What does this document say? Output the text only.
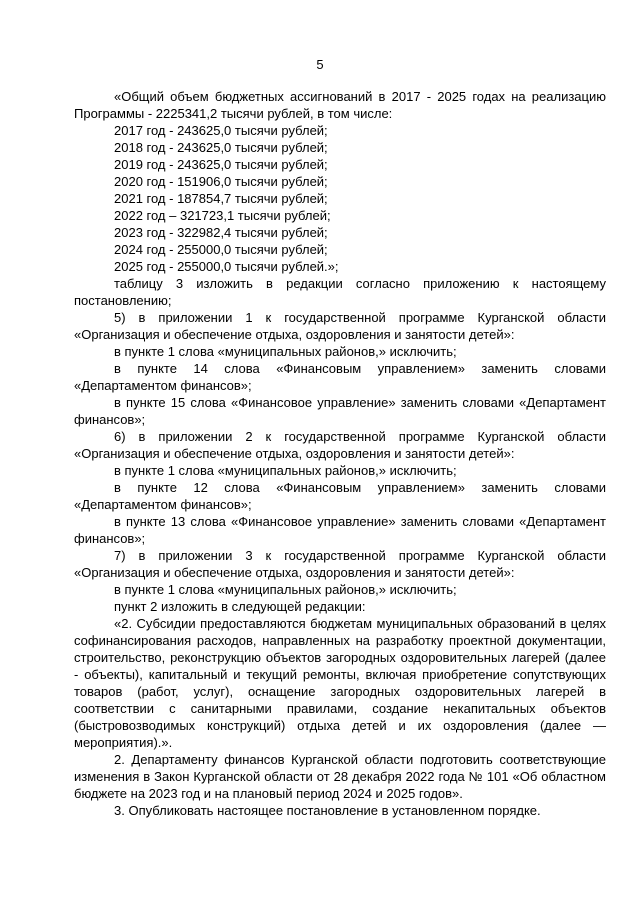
5

«Общий объем бюджетных ассигнований в 2017 - 2025 годах на реализацию Программы - 2225341,2 тысячи рублей, в том числе:

2017 год - 243625,0 тысячи рублей;

2018 год - 243625,0 тысячи рублей;

2019 год - 243625,0 тысячи рублей;

2020 год - 151906,0 тысячи рублей;

2021 год - 187854,7 тысячи рублей;

2022 год – 321723,1 тысячи рублей;

2023 год - 322982,4 тысячи рублей;

2024 год - 255000,0 тысячи рублей;

2025 год - 255000,0 тысячи рублей.»;

таблицу 3 изложить в редакции согласно приложению к настоящему постановлению;

5) в приложении 1 к государственной программе Курганской области «Организация и обеспечение отдыха, оздоровления и занятости детей»:

в пункте 1 слова «муниципальных районов,» исключить;

в пункте 14 слова «Финансовым управлением» заменить словами «Департаментом финансов»;

в пункте 15 слова «Финансовое управление» заменить словами «Департамент финансов»;

6) в приложении 2 к государственной программе Курганской области «Организация и обеспечение отдыха, оздоровления и занятости детей»:

в пункте 1 слова «муниципальных районов,» исключить;

в пункте 12 слова «Финансовым управлением» заменить словами «Департаментом финансов»;

в пункте 13 слова «Финансовое управление» заменить словами «Департамент финансов»;

7) в приложении 3 к государственной программе Курганской области «Организация и обеспечение отдыха, оздоровления и занятости детей»:

в пункте 1 слова «муниципальных районов,» исключить;

пункт 2 изложить в следующей редакции:

«2. Субсидии предоставляются бюджетам муниципальных образований в целях софинансирования расходов, направленных на разработку проектной документации, строительство, реконструкцию объектов загородных оздоровительных лагерей (далее - объекты), капитальный и текущий ремонты, включая приобретение сопутствующих товаров (работ, услуг), оснащение загородных оздоровительных лагерей в соответствии с санитарными правилами, создание некапитальных объектов (быстровозводимых конструкций) отдыха детей и их оздоровления (далее — мероприятия).».

2. Департаменту финансов Курганской области подготовить соответствующие изменения в Закон Курганской области от 28 декабря 2022 года № 101 «Об областном бюджете на 2023 год и на плановый период 2024 и 2025 годов».

3. Опубликовать настоящее постановление в установленном порядке.
